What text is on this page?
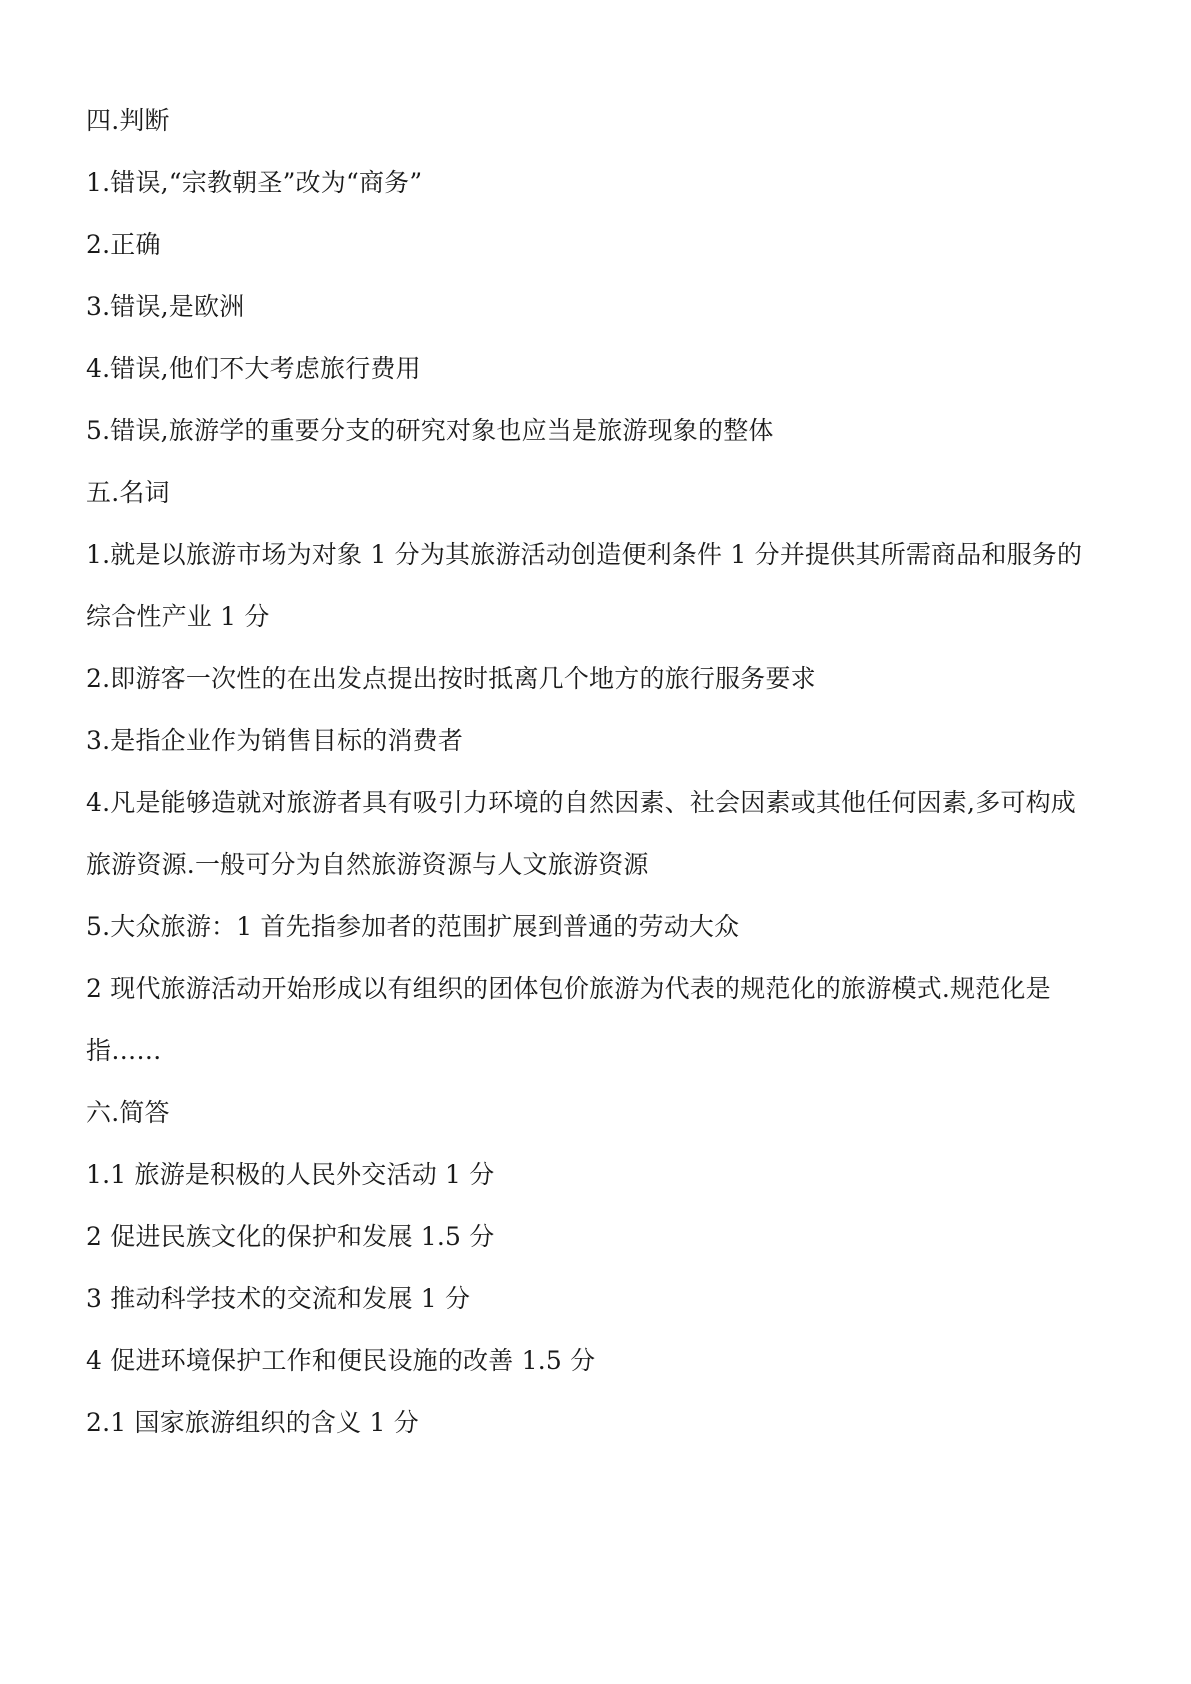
四.判断
1.错误,“宗教朝圣”改为“商务”
2.正确
3.错误,是欧洲
4.错误,他们不大考虑旅行费用
5.错误,旅游学的重要分支的研究对象也应当是旅游现象的整体
五.名词
1.就是以旅游市场为对象 1 分为其旅游活动创造便利条件 1 分并提供其所需商品和服务的
综合性产业 1 分
2.即游客一次性的在出发点提出按时抵离几个地方的旅行服务要求
3.是指企业作为销售目标的消费者
4.凡是能够造就对旅游者具有吸引力环境的自然因素、社会因素或其他任何因素,多可构成
旅游资源.一般可分为自然旅游资源与人文旅游资源
5.大众旅游：1 首先指参加者的范围扩展到普通的劳动大众
2 现代旅游活动开始形成以有组织的团体包价旅游为代表的规范化的旅游模式.规范化是
指……
六.简答
1.1 旅游是积极的人民外交活动 1 分
2 促进民族文化的保护和发展 1.5 分
3 推动科学技术的交流和发展 1 分
4 促进环境保护工作和便民设施的改善 1.5 分
2.1 国家旅游组织的含义 1 分
